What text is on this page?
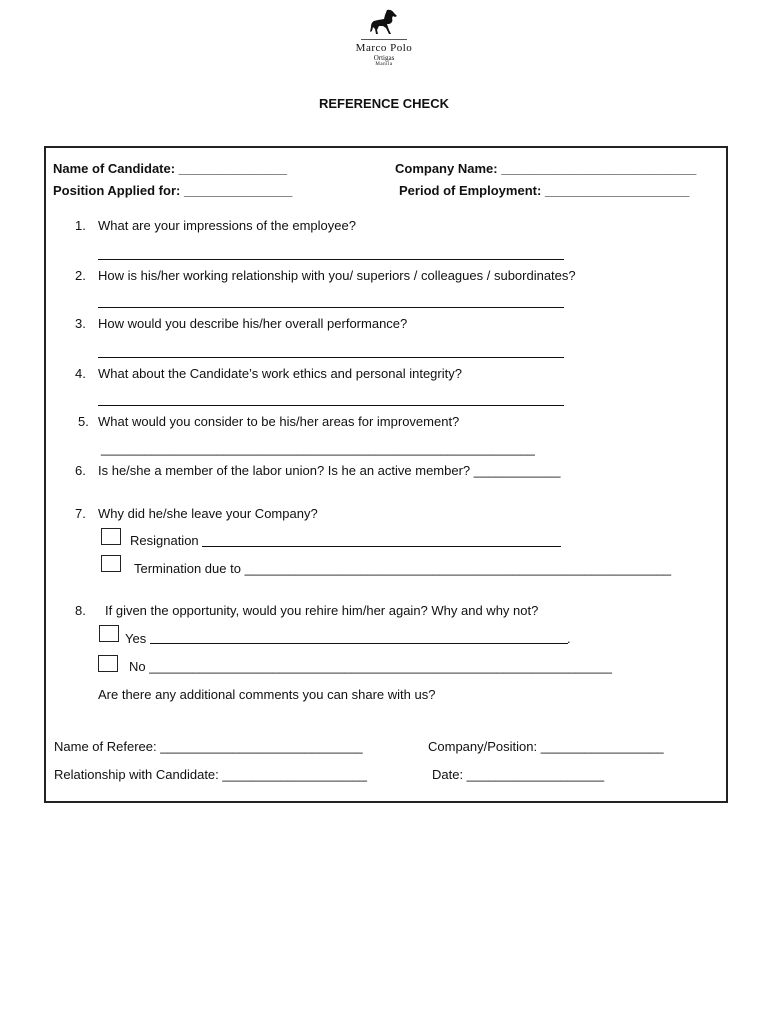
Marco Polo
Ortigas
Manila
REFERENCE CHECK
Name of Candidate: _______________	Company Name: ___________________________
Position Applied for: _______________	Period of Employment: ____________________
1. What are your impressions of the employee?
2. How is his/her working relationship with you/ superiors / colleagues / subordinates?
3. How would you describe his/her overall performance?
4. What about the Candidate’s work ethics and personal integrity?
5. What would you consider to be his/her areas for improvement?
____________________________________________________________
6. Is he/she a member of the labor union? Is he an active member? ____________
7. Why did he/she leave your Company?
Resignation
Termination due to ___________________________________________________________
8. If given the opportunity, would you rehire him/her again? Why and why not?
Yes	.
No ________________________________________________________________
Are there any additional comments you can share with us?
Name of Referee: ____________________________	Company/Position: _________________
Relationship with Candidate: ____________________	Date: ___________________
